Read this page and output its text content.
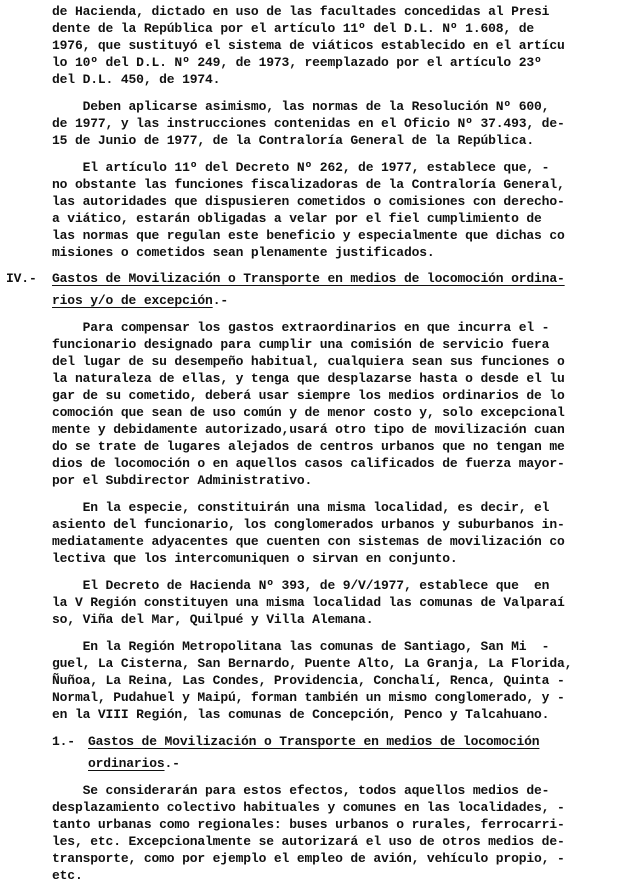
de Hacienda, dictado en uso de las facultades concedidas al Presi
dente de la República por el artículo 11º del D.L. Nº 1.608, de
1976, que sustituyó el sistema de viáticos establecido en el artícu
lo 10º del D.L. Nº 249, de 1973, reemplazado por el artículo 23º
del D.L. 450, de 1974.
Deben aplicarse asimismo, las normas de la Resolución Nº 600,
de 1977, y las instrucciones contenidas en el Oficio Nº 37.493, de-
15 de Junio de 1977, de la Contraloría General de la República.
El artículo 11º del Decreto Nº 262, de 1977, establece que, -
no obstante las funciones fiscalizadoras de la Contraloría General,
las autoridades que dispusieren cometidos o comisiones con derecho-
a viático, estarán obligadas a velar por el fiel cumplimiento de
las normas que regulan este beneficio y especialmente que dichas co
misiones o cometidos sean plenamente justificados.
IV.- Gastos de Movilización o Transporte en medios de locomoción ordina-
rios y/o de excepción.-
Para compensar los gastos extraordinarios en que incurra el -
funcionario designado para cumplir una comisión de servicio fuera
del lugar de su desempeño habitual, cualquiera sean sus funciones o
la naturaleza de ellas, y tenga que desplazarse hasta o desde el lu
gar de su cometido, deberá usar siempre los medios ordinarios de lo
comoción que sean de uso común y de menor costo y, solo excepcional
mente y debidamente autorizado,usará otro tipo de movilización cuan
do se trate de lugares alejados de centros urbanos que no tengan me
dios de locomoción o en aquellos casos calificados de fuerza mayor-
por el Subdirector Administrativo.
En la especie, constituirán una misma localidad, es decir, el
asiento del funcionario, los conglomerados urbanos y suburbanos in-
mediatamente adyacentes que cuenten con sistemas de movilización co
lectiva que los intercomuniquen o sirvan en conjunto.
El Decreto de Hacienda Nº 393, de 9/V/1977, establece que  en
la V Región constituyen una misma localidad las comunas de Valparaí
so, Viña del Mar, Quilpué y Villa Alemana.
En la Región Metropolitana las comunas de Santiago, San Mi  -
guel, La Cisterna, San Bernardo, Puente Alto, La Granja, La Florida,
Ñuñoa, La Reina, Las Condes, Providencia, Conchalí, Renca, Quinta -
Normal, Pudahuel y Maipú, forman también un mismo conglomerado, y -
en la VIII Región, las comunas de Concepción, Penco y Talcahuano.
1.- Gastos de Movilización o Transporte en medios de locomoción
ordinarios.-
Se considerarán para estos efectos, todos aquellos medios de-
desplazamiento colectivo habituales y comunes en las localidades, -
tanto urbanas como regionales: buses urbanos o rurales, ferrocarri-
les, etc. Excepcionalmente se autorizará el uso de otros medios de-
transporte, como por ejemplo el empleo de avión, vehículo propio, -
etc.
